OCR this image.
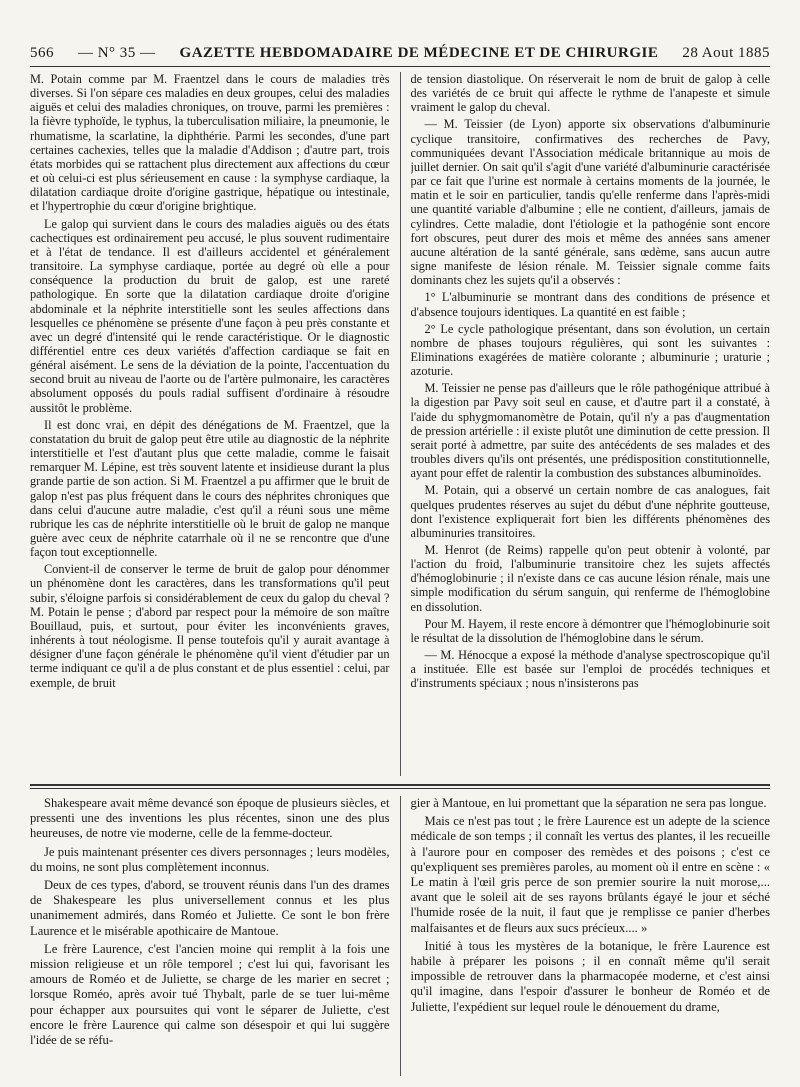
566 — N° 35 — GAZETTE HEBDOMADAIRE DE MÉDECINE ET DE CHIRURGIE 28 Aout 1885

M. Potain comme par M. Fraentzel dans le cours de maladies très diverses. Si l'on sépare ces maladies en deux groupes, celui des maladies aiguës et celui des maladies chroniques, on trouve, parmi les premières : la fièvre typhoïde, le typhus, la tuberculisation miliaire, la pneumonie, le rhumatisme, la scarlatine, la diphthérie. Parmi les secondes, d'une part certaines cachexies, telles que la maladie d'Addison ; d'autre part, trois états morbides qui se rattachent plus directement aux affections du cœur et où celui-ci est plus sérieusement en cause : la symphyse cardiaque, la dilatation cardiaque droite d'origine gastrique, hépatique ou intestinale, et l'hypertrophie du cœur d'origine brightique.

Le galop qui survient dans le cours des maladies aiguës ou des états cachectiques est ordinairement peu accusé, le plus souvent rudimentaire et à l'état de tendance. Il est d'ailleurs accidentel et généralement transitoire. La symphyse cardiaque, portée au degré où elle a pour conséquence la production du bruit de galop, est une rareté pathologique. En sorte que la dilatation cardiaque droite d'origine abdominale et la néphrite interstitielle sont les seules affections dans lesquelles ce phénomène se présente d'une façon à peu près constante et avec un degré d'intensité qui le rende caractéristique. Or le diagnostic différentiel entre ces deux variétés d'affection cardiaque se fait en général aisément. Le sens de la déviation de la pointe, l'accentuation du second bruit au niveau de l'aorte ou de l'artère pulmonaire, les caractères absolument opposés du pouls radial suffisent d'ordinaire à résoudre aussitôt le problème.

Il est donc vrai, en dépit des dénégations de M. Fraentzel, que la constatation du bruit de galop peut être utile au diagnostic de la néphrite interstitielle et l'est d'autant plus que cette maladie, comme le faisait remarquer M. Lépine, est très souvent latente et insidieuse durant la plus grande partie de son action. Si M. Fraentzel a pu affirmer que le bruit de galop n'est pas plus fréquent dans le cours des néphrites chroniques que dans celui d'aucune autre maladie, c'est qu'il a réuni sous une même rubrique les cas de néphrite interstitielle où le bruit de galop ne manque guère avec ceux de néphrite catarrhale où il ne se rencontre que d'une façon tout exceptionnelle.

Convient-il de conserver le terme de bruit de galop pour dénommer un phénomène dont les caractères, dans les transformations qu'il peut subir, s'éloigne parfois si considérablement de ceux du galop du cheval ? M. Potain le pense ; d'abord par respect pour la mémoire de son maître Bouillaud, puis, et surtout, pour éviter les inconvénients graves, inhérents à tout néologisme. Il pense toutefois qu'il y aurait avantage à désigner d'une façon générale le phénomène qu'il vient d'étudier par un terme indiquant ce qu'il a de plus constant et de plus essentiel : celui, par exemple, de bruit

de tension diastolique. On réserverait le nom de bruit de galop à celle des variétés de ce bruit qui affecte le rythme de l'anapeste et simule vraiment le galop du cheval.

— M. Teissier (de Lyon) apporte six observations d'albuminurie cyclique transitoire, confirmatives des recherches de Pavy, communiquées devant l'Association médicale britannique au mois de juillet dernier. On sait qu'il s'agit d'une variété d'albuminurie caractérisée par ce fait que l'urine est normale à certains moments de la journée, le matin et le soir en particulier, tandis qu'elle renferme dans l'après-midi une quantité variable d'albumine ; elle ne contient, d'ailleurs, jamais de cylindres. Cette maladie, dont l'étiologie et la pathogénie sont encore fort obscures, peut durer des mois et même des années sans amener aucune altération de la santé générale, sans œdème, sans aucun autre signe manifeste de lésion rénale. M. Teissier signale comme faits dominants chez les sujets qu'il a observés :

1° L'albuminurie se montrant dans des conditions de présence et d'absence toujours identiques. La quantité en est faible ;

2° Le cycle pathologique présentant, dans son évolution, un certain nombre de phases toujours régulières, qui sont les suivantes : Eliminations exagérées de matière colorante ; albuminurie ; uraturie ; azoturie.

M. Teissier ne pense pas d'ailleurs que le rôle pathogénique attribué à la digestion par Pavy soit seul en cause, et d'autre part il a constaté, à l'aide du sphygmomanomètre de Potain, qu'il n'y a pas d'augmentation de pression artérielle : il existe plutôt une diminution de cette pression. Il serait porté à admettre, par suite des antécédents de ses malades et des troubles divers qu'ils ont présentés, une prédisposition constitutionnelle, ayant pour effet de ralentir la combustion des substances albuminoïdes.

M. Potain, qui a observé un certain nombre de cas analogues, fait quelques prudentes réserves au sujet du début d'une néphrite goutteuse, dont l'existence expliquerait fort bien les différents phénomènes des albuminuries transitoires.

M. Henrot (de Reims) rappelle qu'on peut obtenir à volonté, par l'action du froid, l'albuminurie transitoire chez les sujets affectés d'hémoglobinurie ; il n'existe dans ce cas aucune lésion rénale, mais une simple modification du sérum sanguin, qui renferme de l'hémoglobine en dissolution.

Pour M. Hayem, il reste encore à démontrer que l'hémoglobinurie soit le résultat de la dissolution de l'hémoglobine dans le sérum.

— M. Hénocque a exposé la méthode d'analyse spectroscopique qu'il a instituée. Elle est basée sur l'emploi de procédés techniques et d'instruments spéciaux ; nous n'insisterons pas

Shakespeare avait même devancé son époque de plusieurs siècles, et pressenti une des inventions les plus récentes, sinon une des plus heureuses, de notre vie moderne, celle de la femme-docteur.

Je puis maintenant présenter ces divers personnages ; leurs modèles, du moins, ne sont plus complètement inconnus.

Deux de ces types, d'abord, se trouvent réunis dans l'un des drames de Shakespeare les plus universellement connus et les plus unanimement admirés, dans Roméo et Juliette. Ce sont le bon frère Laurence et le misérable apothicaire de Mantoue.

Le frère Laurence, c'est l'ancien moine qui remplit à la fois une mission religieuse et un rôle temporel ; c'est lui qui, favorisant les amours de Roméo et de Juliette, se charge de les marier en secret ; lorsque Roméo, après avoir tué Thybalt, parle de se tuer lui-même pour échapper aux poursuites qui vont le séparer de Juliette, c'est encore le frère Laurence qui calme son désespoir et qui lui suggère l'idée de se réfu-

gier à Mantoue, en lui promettant que la séparation ne sera pas longue.

Mais ce n'est pas tout ; le frère Laurence est un adepte de la science médicale de son temps ; il connaît les vertus des plantes, il les recueille à l'aurore pour en composer des remèdes et des poisons ; c'est ce qu'expliquent ses premières paroles, au moment où il entre en scène : « Le matin à l'œil gris perce de son premier sourire la nuit morose,... avant que le soleil ait de ses rayons brûlants égayé le jour et séché l'humide rosée de la nuit, il faut que je remplisse ce panier d'herbes malfaisantes et de fleurs aux sucs précieux.... »

Initié à tous les mystères de la botanique, le frère Laurence est habile à préparer les poisons ; il en connaît même qu'il serait impossible de retrouver dans la pharmacopée moderne, et c'est ainsi qu'il imagine, dans l'espoir d'assurer le bonheur de Roméo et de Juliette, l'expédient sur lequel roule le dénouement du drame,
